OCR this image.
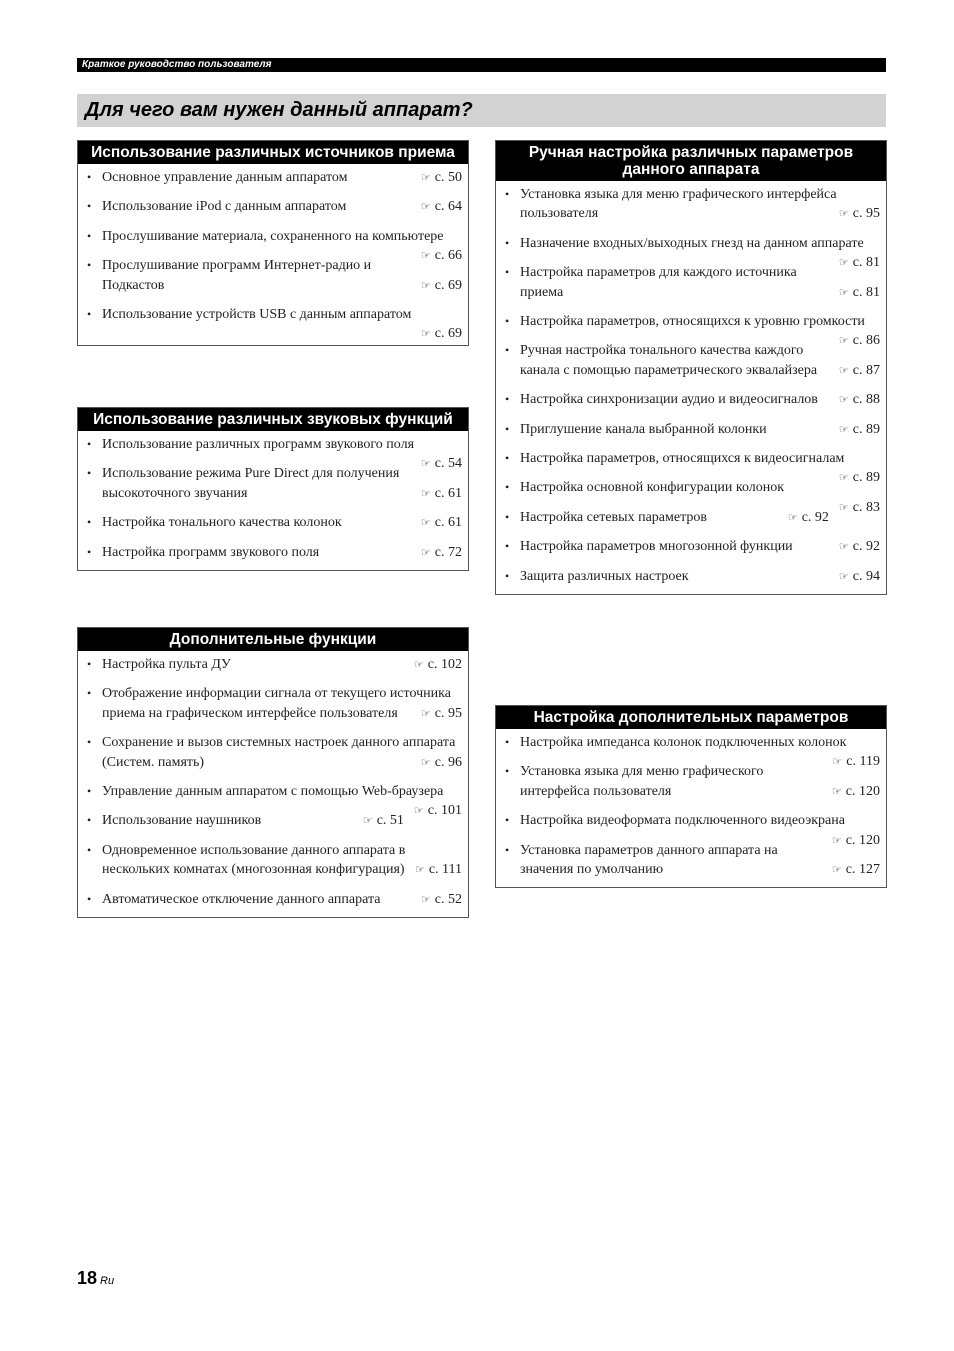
Краткое руководство пользователя
Для чего вам нужен данный аппарат?
Использование различных источников приема
• Основное управление данным аппаратом	☞ c. 50
• Использование iPod с данным аппаратом	☞ c. 64
• Прослушивание материала, сохраненного на компьютере
☞ c. 66
• Прослушивание программ Интернет-радио и Подкастов	☞ c. 69
• Использование устройств USB с данным аппаратом
☞ c. 69
Использование различных звуковых функций
• Использование различных программ звукового поля
☞ c. 54
• Использование режима Pure Direct для получения высокоточного звучания	☞ c. 61
• Настройка тонального качества колонок	☞ c. 61
• Настройка программ звукового поля	☞ c. 72
Дополнительные функции
• Настройка пульта ДУ	☞ c. 102
• Отображение информации сигнала от текущего источника приема на графическом интерфейсе пользователя ☞ c. 95
• Сохранение и вызов системных настроек данного аппарата (Систем. память)	☞ c. 96
• Управление данным аппаратом с помощью Web-браузера
☞ c. 101
• Использование наушников	☞ c. 51
• Одновременное использование данного аппарата в нескольких комнатах (многозонная конфигурация) ☞ c. 111
• Автоматическое отключение данного аппарата	☞ c. 52
Ручная настройка различных параметров данного аппарата
• Установка языка для меню графического интерфейса пользователя	☞ c. 95
• Назначение входных/выходных гнезд на данном аппарате
☞ c. 81
• Настройка параметров для каждого источника приема	☞ c. 81
• Настройка параметров, относящихся к уровню громкости
☞ c. 86
• Ручная настройка тонального качества каждого канала с помощью параметрического эквалайзера ☞ c. 87
• Настройка синхронизации аудио и видеосигналов ☞ c. 88
• Приглушение канала выбранной колонки	☞ c. 89
• Настройка параметров, относящихся к видеосигналам
☞ c. 89
• Настройка основной конфигурации колонок
☞ c. 83
• Настройка сетевых параметров	☞ c. 92
• Настройка параметров многозонной функции	☞ c. 92
• Защита различных настроек	☞ c. 94
Настройка дополнительных параметров
• Настройка импеданса колонок подключенных колонок
☞ c. 119
• Установка языка для меню графического интерфейса пользователя	☞ c. 120
• Настройка видеоформата подключенного видеоэкрана
☞ c. 120
• Установка параметров данного аппарата на значения по умолчанию	☞ c. 127
18 Ru
